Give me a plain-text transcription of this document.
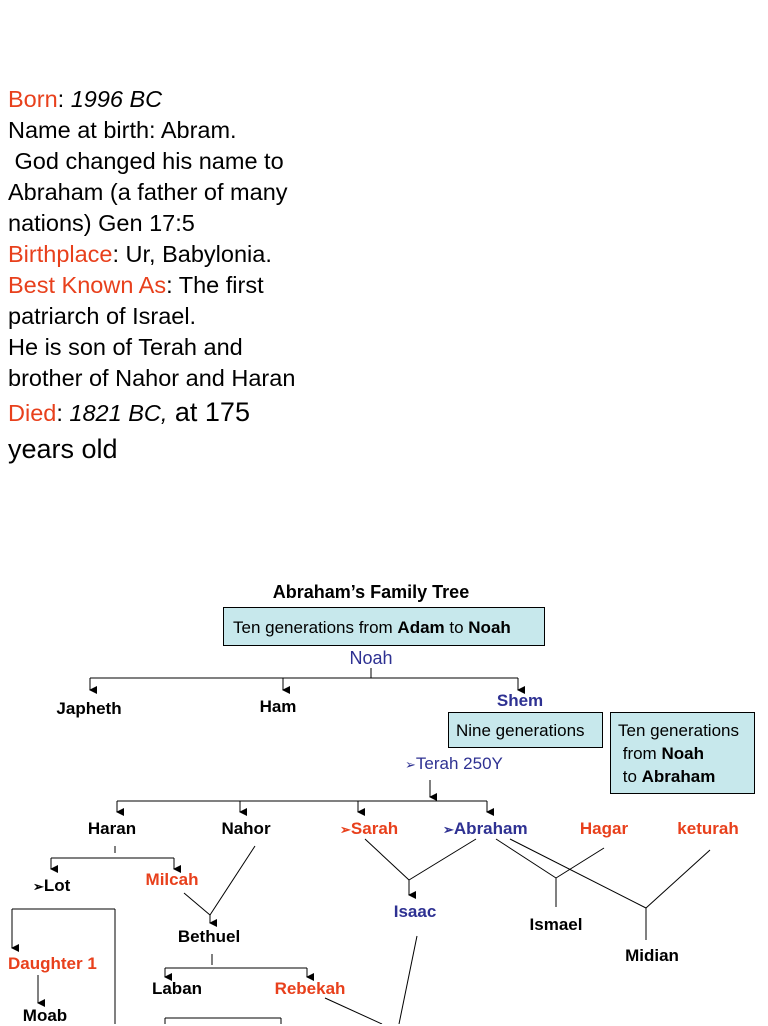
Born: 1996 BC
Name at birth: Abram.
God changed his name to
Abraham (a father of many
nations) Gen 17:5
Birthplace: Ur, Babylonia.
Best Known As: The first
patriarch of Israel.
He is son of Terah and
brother of Nahor and Haran
Died: 1821 BC, at 175
years old
Abraham’s Family Tree
Ten generations from Adam to Noah
Nine generations	Ten generations
from Noah
to Abraham
Noah
Japheth	Ham	Shem
➢Terah 250Y
Haran	Nahor	➢Sarah	➢Abraham	Hagar	keturah
➢Lot	Milcah
Isaac
Ismael
Bethuel
Midian
Daughter 1
Laban	Rebekah
Moab
